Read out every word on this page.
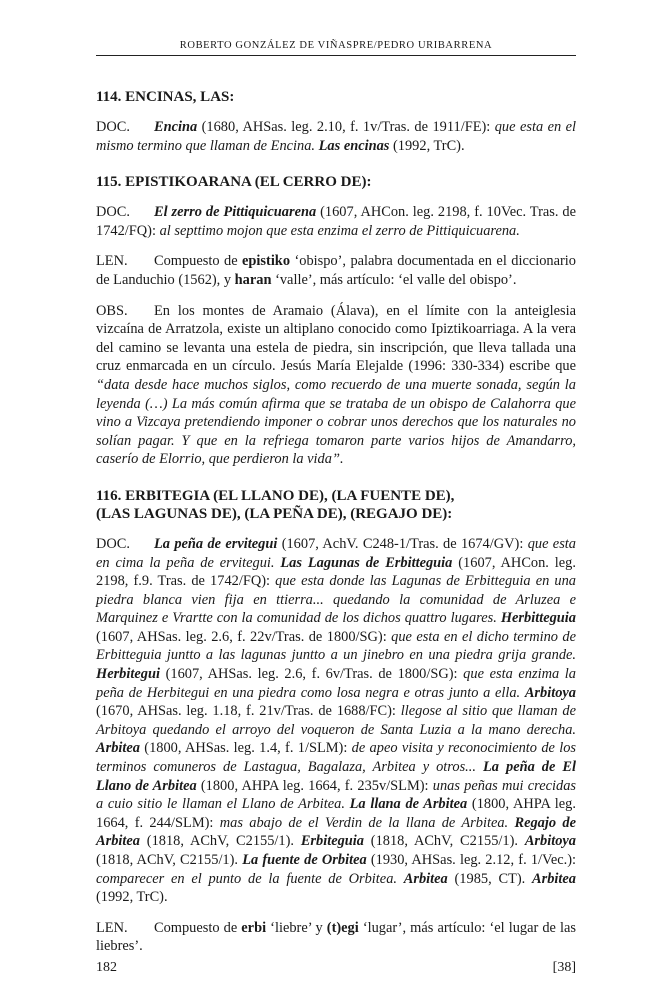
ROBERTO GONZÁLEZ DE VIÑASPRE/PEDRO URIBARRENA
114. ENCINAS, LAS:

DOC. Encina (1680, AHSas. leg. 2.10, f. 1v/Tras. de 1911/FE): que esta en el mismo termino que llaman de Encina. Las encinas (1992, TrC).

115. EPISTIKOARANA (EL CERRO DE):

DOC. El zerro de Pittiquicuarena (1607, AHCon. leg. 2198, f. 10Vec. Tras. de 1742/FQ): al septtimo mojon que esta enzima el zerro de Pittiquicuarena.

LEN. Compuesto de epistiko ‘obispo’, palabra documentada en el diccionario de Landuchio (1562), y haran ‘valle’, más artículo: ‘el valle del obispo’.

OBS. En los montes de Aramaio (Álava), en el límite con la anteiglesia vizcaína de Arratzola, existe un altiplano conocido como Ipiztikoarriaga. A la vera del camino se levanta una estela de piedra, sin inscripción, que lleva tallada una cruz enmarcada en un círculo. Jesús María Elejalde (1996: 330-334) escribe que “data desde hace muchos siglos, como recuerdo de una muerte sonada, según la leyenda (…) La más común afirma que se trataba de un obispo de Calahorra que vino a Vizcaya pretendiendo imponer o cobrar unos derechos que los naturales no solían pagar. Y que en la refriega tomaron parte varios hijos de Amandarro, caserío de Elorrio, que perdieron la vida”.

116. ERBITEGIA (EL LLANO DE), (LA FUENTE DE),
(LAS LAGUNAS DE), (LA PEÑA DE), (REGAJO DE):

DOC. La peña de ervitegui (1607, AchV. C248-1/Tras. de 1674/GV): que esta en cima la peña de ervitegui. Las Lagunas de Erbitteguia (1607, AHCon. leg. 2198, f.9. Tras. de 1742/FQ): que esta donde las Lagunas de Erbitteguia en una piedra blanca vien fija en ttierra... quedando la comunidad de Arluzea e Marquinez e Vrartte con la comunidad de los dichos quattro lugares. Herbitteguia (1607, AHSas. leg. 2.6, f. 22v/Tras. de 1800/SG): que esta en el dicho termino de Erbitteguia juntto a las lagunas juntto a un jinebro en una piedra grija grande. Herbitegui (1607, AHSas. leg. 2.6, f. 6v/Tras. de 1800/SG): que esta enzima la peña de Herbitegui en una piedra como losa negra e otras junto a ella. Arbitoya (1670, AHSas. leg. 1.18, f. 21v/Tras. de 1688/FC): llegose al sitio que llaman de Arbitoya quedando el arroyo del voqueron de Santa Luzia a la mano derecha. Arbitea (1800, AHSas. leg. 1.4, f. 1/SLM): de apeo visita y reconocimiento de los terminos comuneros de Lastagua, Bagalaza, Arbitea y otros... La peña de El Llano de Arbitea (1800, AHPA leg. 1664, f. 235v/SLM): unas peñas mui crecidas a cuio sitio le llaman el Llano de Arbitea. La llana de Arbitea (1800, AHPA leg. 1664, f. 244/SLM): mas abajo de el Verdin de la llana de Arbitea. Regajo de Arbitea (1818, AChV, C2155/1). Erbiteguia (1818, AChV, C2155/1). Arbitoya (1818, AChV, C2155/1). La fuente de Orbitea (1930, AHSas. leg. 2.12, f. 1/Vec.): comparecer en el punto de la fuente de Orbitea. Arbitea (1985, CT). Arbitea (1992, TrC).

LEN. Compuesto de erbi ‘liebre’ y (t)egi ‘lugar’, más artículo: ‘el lugar de las liebres’.

182	[38]
